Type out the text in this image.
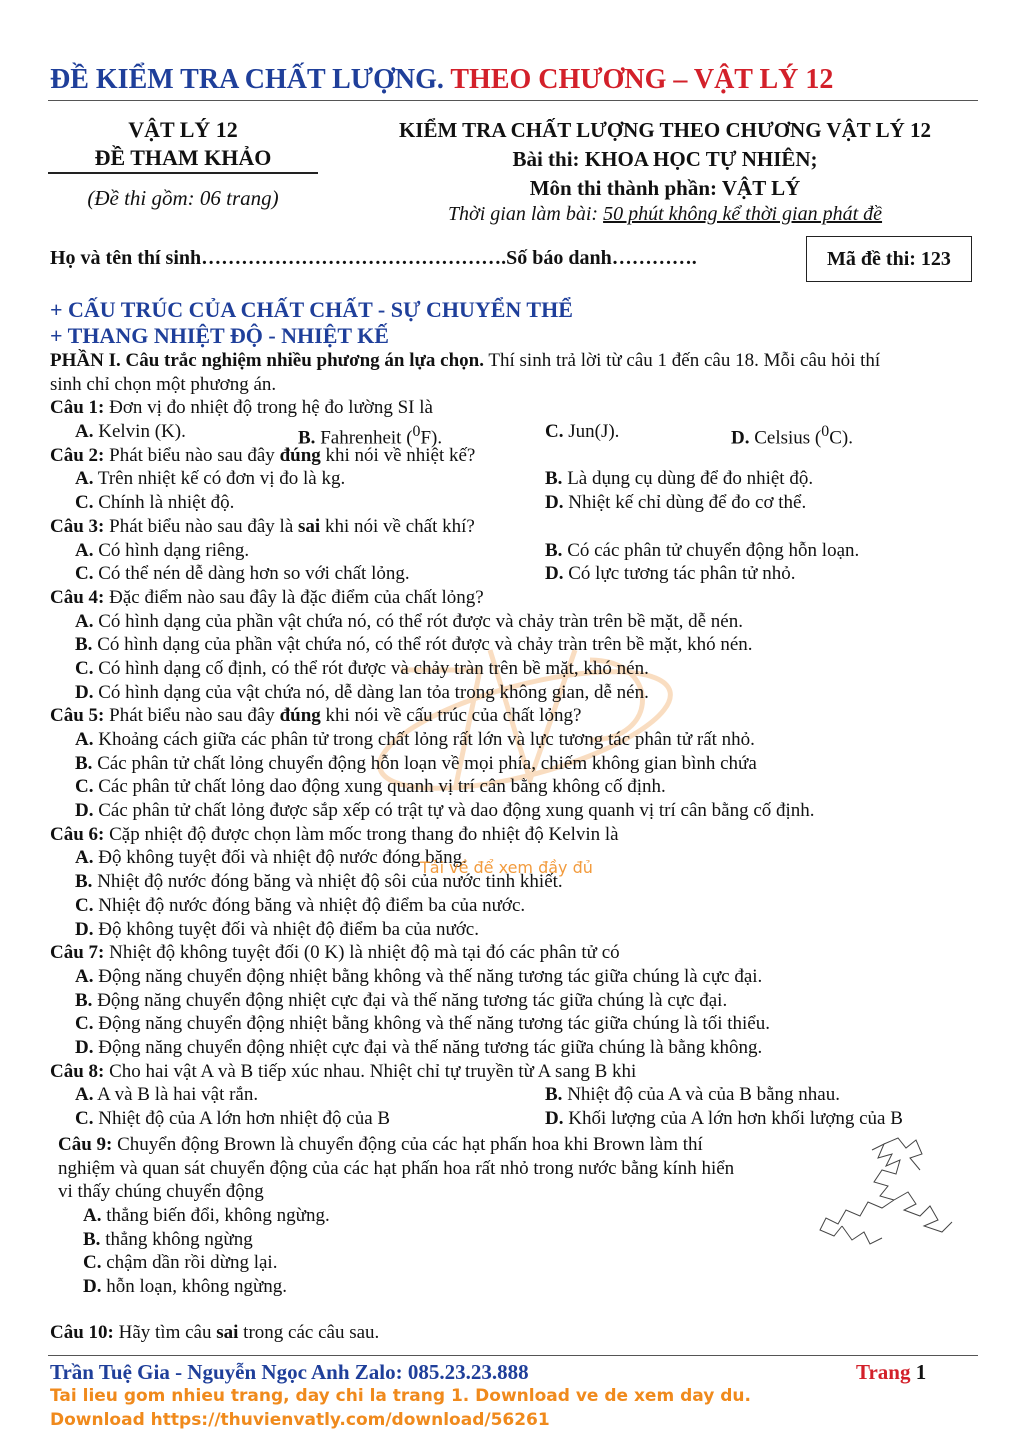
ĐỀ KIỂM TRA CHẤT LƯỢNG. THEO CHƯƠNG – VẬT LÝ 12
VẬT LÝ 12
ĐỀ THAM KHẢO
(Đề thi gồm: 06 trang)
KIỂM TRA CHẤT LƯỢNG THEO CHƯƠNG VẬT LÝ 12
Bài thi: KHOA HỌC TỰ NHIÊN;
Môn thi thành phần: VẬT LÝ
Thời gian làm bài: 50 phút không kể thời gian phát đề
Họ và tên thí sinh……………………………………….Số báo danh………….	Mã đề thi: 123
+ CẤU TRÚC CỦA CHẤT CHẤT - SỰ CHUYỂN THỂ
+ THANG NHIỆT ĐỘ - NHIỆT KẾ
PHẦN I. Câu trắc nghiệm nhiều phương án lựa chọn. Thí sinh trả lời từ câu 1 đến câu 18. Mỗi câu hỏi thí
sinh chỉ chọn một phương án.
Câu 1: Đơn vị đo nhiệt độ trong hệ đo lường SI là
A. Kelvin (K).	B. Fahrenheit ($^0$F).	C. Jun(J).	D. Celsius ($^0$C).
Câu 2: Phát biểu nào sau đây đúng khi nói về nhiệt kế?
A. Trên nhiệt kế có đơn vị đo là kg.	B. Là dụng cụ dùng để đo nhiệt độ.
C. Chính là nhiệt độ.	D. Nhiệt kế chỉ dùng để đo cơ thể.
Câu 3: Phát biểu nào sau đây là sai khi nói về chất khí?
A. Có hình dạng riêng.	B. Có các phân tử chuyển động hỗn loạn.
C. Có thể nén dễ dàng hơn so với chất lỏng.	D. Có lực tương tác phân tử nhỏ.
Câu 4: Đặc điểm nào sau đây là đặc điểm của chất lỏng?
A. Có hình dạng của phần vật chứa nó, có thể rót được và chảy tràn trên bề mặt, dễ nén.
B. Có hình dạng của phần vật chứa nó, có thể rót được và chảy tràn trên bề mặt, khó nén.
C. Có hình dạng cố định, có thể rót được và chảy tràn trên bề mặt, khó nén.
D. Có hình dạng của vật chứa nó, dễ dàng lan tỏa trong không gian, dễ nén.
Câu 5: Phát biểu nào sau đây đúng khi nói về cấu trúc của chất lỏng?
A. Khoảng cách giữa các phân tử trong chất lỏng rất lớn và lực tương tác phân tử rất nhỏ.
B. Các phân tử chất lỏng chuyển động hỗn loạn về mọi phía, chiếm không gian bình chứa
C. Các phân tử chất lỏng dao động xung quanh vị trí cân bằng không cố định.
D. Các phân tử chất lỏng được sắp xếp có trật tự và dao động xung quanh vị trí cân bằng cố định.
Câu 6: Cặp nhiệt độ được chọn làm mốc trong thang đo nhiệt độ Kelvin là
A. Độ không tuyệt đối và nhiệt độ nước đóng băng.
B. Nhiệt độ nước đóng băng và nhiệt độ sôi của nước tinh khiết.
C. Nhiệt độ nước đóng băng và nhiệt độ điểm ba của nước.
D. Độ không tuyệt đối và nhiệt độ điểm ba của nước.
Câu 7: Nhiệt độ không tuyệt đối (0 K) là nhiệt độ mà tại đó các phân tử có
A. Động năng chuyển động nhiệt bằng không và thế năng tương tác giữa chúng là cực đại.
B. Động năng chuyển động nhiệt cực đại và thế năng tương tác giữa chúng là cực đại.
C. Động năng chuyển động nhiệt bằng không và thế năng tương tác giữa chúng là tối thiểu.
D. Động năng chuyển động nhiệt cực đại và thế năng tương tác giữa chúng là bằng không.
Câu 8: Cho hai vật A và B tiếp xúc nhau. Nhiệt chỉ tự truyền từ A sang B khi
A. A và B là hai vật rắn.	B. Nhiệt độ của A và của B bằng nhau.
C. Nhiệt độ của A lớn hơn nhiệt độ của B	D. Khối lượng của A lớn hơn khối lượng của B
Câu 9: Chuyển động Brown là chuyển động của các hạt phấn hoa khi Brown làm thí
nghiệm và quan sát chuyển động của các hạt phấn hoa rất nhỏ trong nước bằng kính hiển
vi thấy chúng chuyển động
A. thẳng biến đổi, không ngừng.
B. thẳng không ngừng
C. chậm dần rồi dừng lại.
D. hỗn loạn, không ngừng.
Tải về để xem đầy đủ
Câu 10: Hãy tìm câu sai trong các câu sau.
Trần Tuệ Gia - Nguyễn Ngọc Anh Zalo: 085.23.23.888	Trang 1
Tai lieu gom nhieu trang, day chi la trang 1. Download ve de xem day du.
Download https://thuvienvatly.com/download/56261
